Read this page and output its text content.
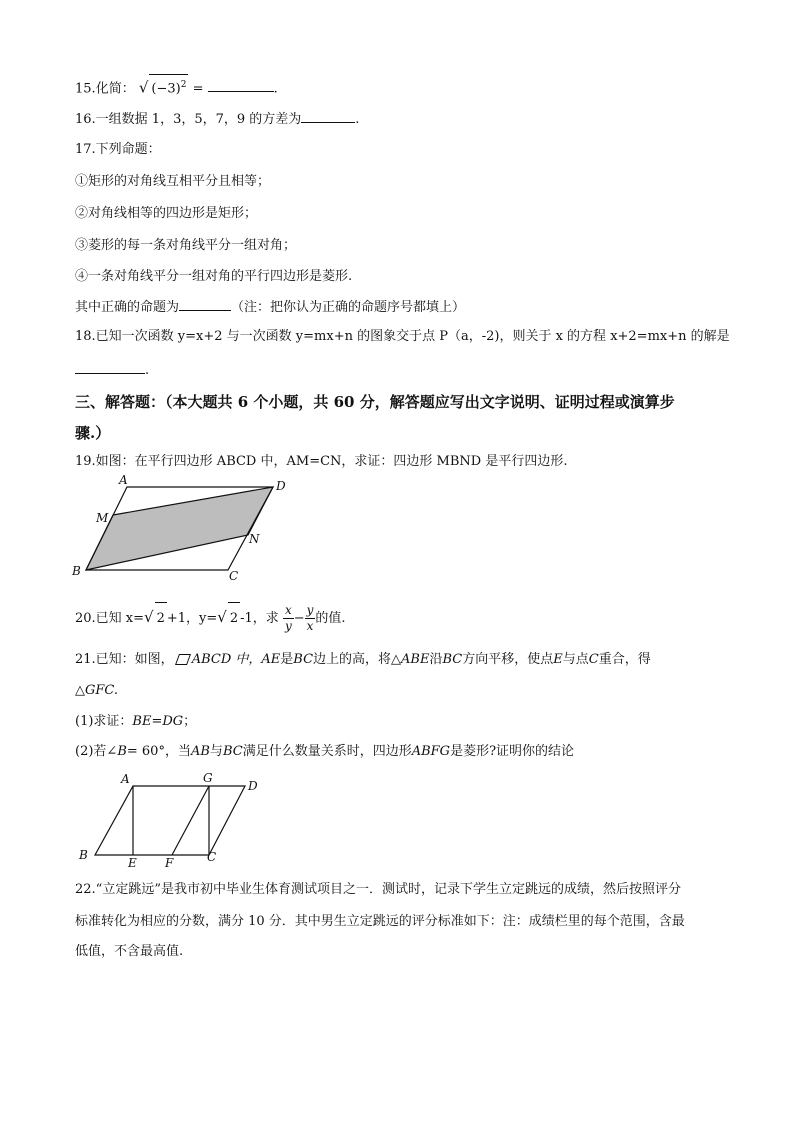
15.化简： √ $(-3)^2$ =	.
16.一组数据 1，3，5，7，9 的方差为	.
17.下列命题：
①矩形的对角线互相平分且相等；
②对角线相等的四边形是矩形；
③菱形的每一条对角线平分一组对角；
④一条对角线平分一组对角的平行四边形是菱形.
其中正确的命题为	（注：把你认为正确的命题序号都填上）
18.已知一次函数 y=x+2 与一次函数 y=mx+n 的图象交于点 P（a，-2)，则关于 x 的方程 x+2=mx+n 的解是
.
三、解答题：（本大题共 6 个小题，共 60 分，解答题应写出文字说明、证明过程或演算步
骤.）
19.如图：在平行四边形 ABCD 中，AM=CN，求证：四边形 MBND 是平行四边形.
A	D
M
N
B	C
20.已知 x=√ 2 +1，y=√ 2 -1，求 $\frac{x}{y} - \frac{y}{x}$ 的值.
21.已知：如图， ABCD 中，AE是BC边上的高，将△ABE沿BC方向平移，使点E与点C重合，得
△GFC.
(1)求证：BE=DG；
(2)若∠B= 60°，当AB与BC满足什么数量关系时，四边形ABFG是菱形?证明你的结论
A	G
D
B
E F	C
22.“立定跳远”是我市初中毕业生体育测试项目之一．测试时，记录下学生立定跳远的成绩，然后按照评分
标准转化为相应的分数，满分 10 分．其中男生立定跳远的评分标准如下：注：成绩栏里的每个范围，含最
低值，不含最高值.
